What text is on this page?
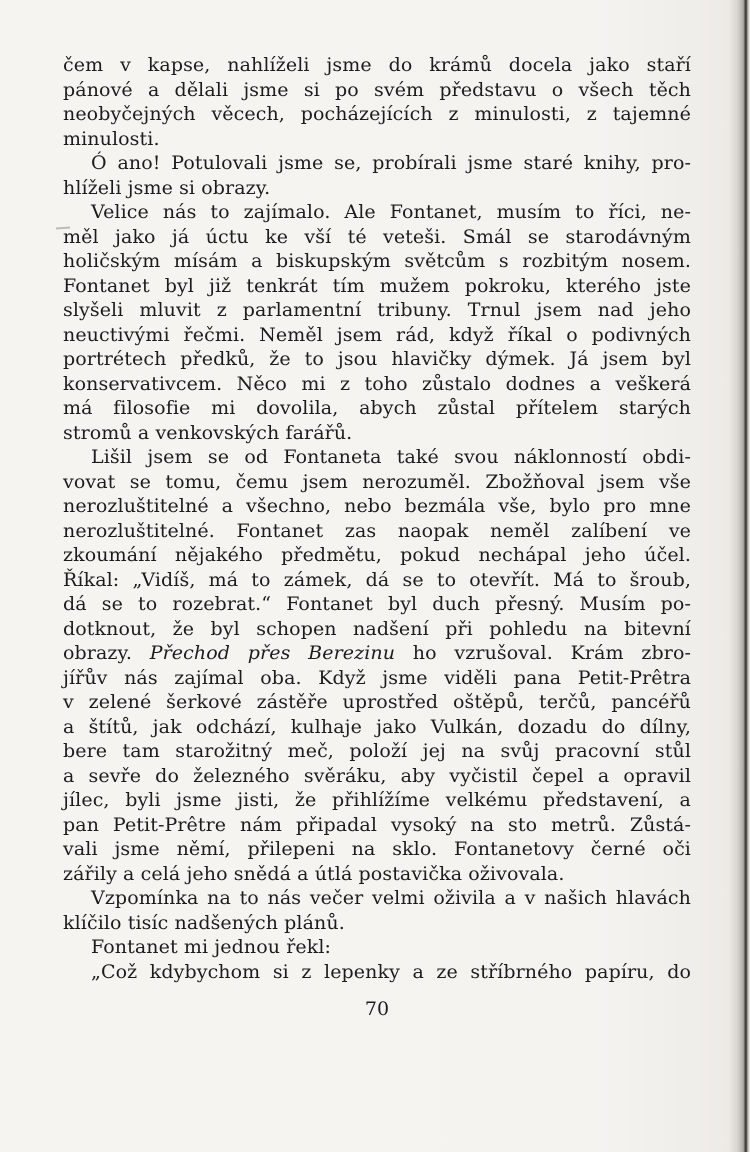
čem v kapse, nahlíželi jsme do krámů docela jako staří
pánové a dělali jsme si po svém představu o všech těch
neobyčejných věcech, pocházejících z minulosti, z tajemné
minulosti.
Ó ano! Potulovali jsme se, probírali jsme staré knihy, pro-
hlíželi jsme si obrazy.
Velice nás to zajímalo. Ale Fontanet, musím to říci, ne-
měl jako já úctu ke vší té veteši. Smál se starodávným
holičským mísám a biskupským světcům s rozbitým nosem.
Fontanet byl již tenkrát tím mužem pokroku, kterého jste
slyšeli mluvit z parlamentní tribuny. Trnul jsem nad jeho
neuctivými řečmi. Neměl jsem rád, když říkal o podivných
portrétech předků, že to jsou hlavičky dýmek. Já jsem byl
konservativcem. Něco mi z toho zůstalo dodnes a veškerá
má filosofie mi dovolila, abych zůstal přítelem starých
stromů a venkovských farářů.
Lišil jsem se od Fontaneta také svou náklonností obdi-
vovat se tomu, čemu jsem nerozuměl. Zbožňoval jsem vše
nerozluštitelné a všechno, nebo bezmála vše, bylo pro mne
nerozluštitelné. Fontanet zas naopak neměl zalíbení ve
zkoumání nějakého předmětu, pokud nechápal jeho účel.
Říkal: „Vidíš, má to zámek, dá se to otevřít. Má to šroub,
dá se to rozebrat.“ Fontanet byl duch přesný. Musím po-
dotknout, že byl schopen nadšení při pohledu na bitevní
obrazy. Přechod přes Berezinu ho vzrušoval. Krám zbro-
jířův nás zajímal oba. Když jsme viděli pana Petit-Prêtra
v zelené šerkové zástěře uprostřed oštěpů, terčů, pancéřů
a štítů, jak odchází, kulhaje jako Vulkán, dozadu do dílny,
bere tam starožitný meč, položí jej na svůj pracovní stůl
a sevře do železného svěráku, aby vyčistil čepel a opravil
jílec, byli jsme jisti, že přihlížíme velkému představení, a
pan Petit-Prêtre nám připadal vysoký na sto metrů. Zůstá-
vali jsme němí, přilepeni na sklo. Fontanetovy černé oči
zářily a celá jeho snědá a útlá postavička oživovala.
Vzpomínka na to nás večer velmi oživila a v našich hlavách
klíčilo tisíc nadšených plánů.
Fontanet mi jednou řekl:
„Což kdybychom si z lepenky a ze stříbrného papíru, do
70
